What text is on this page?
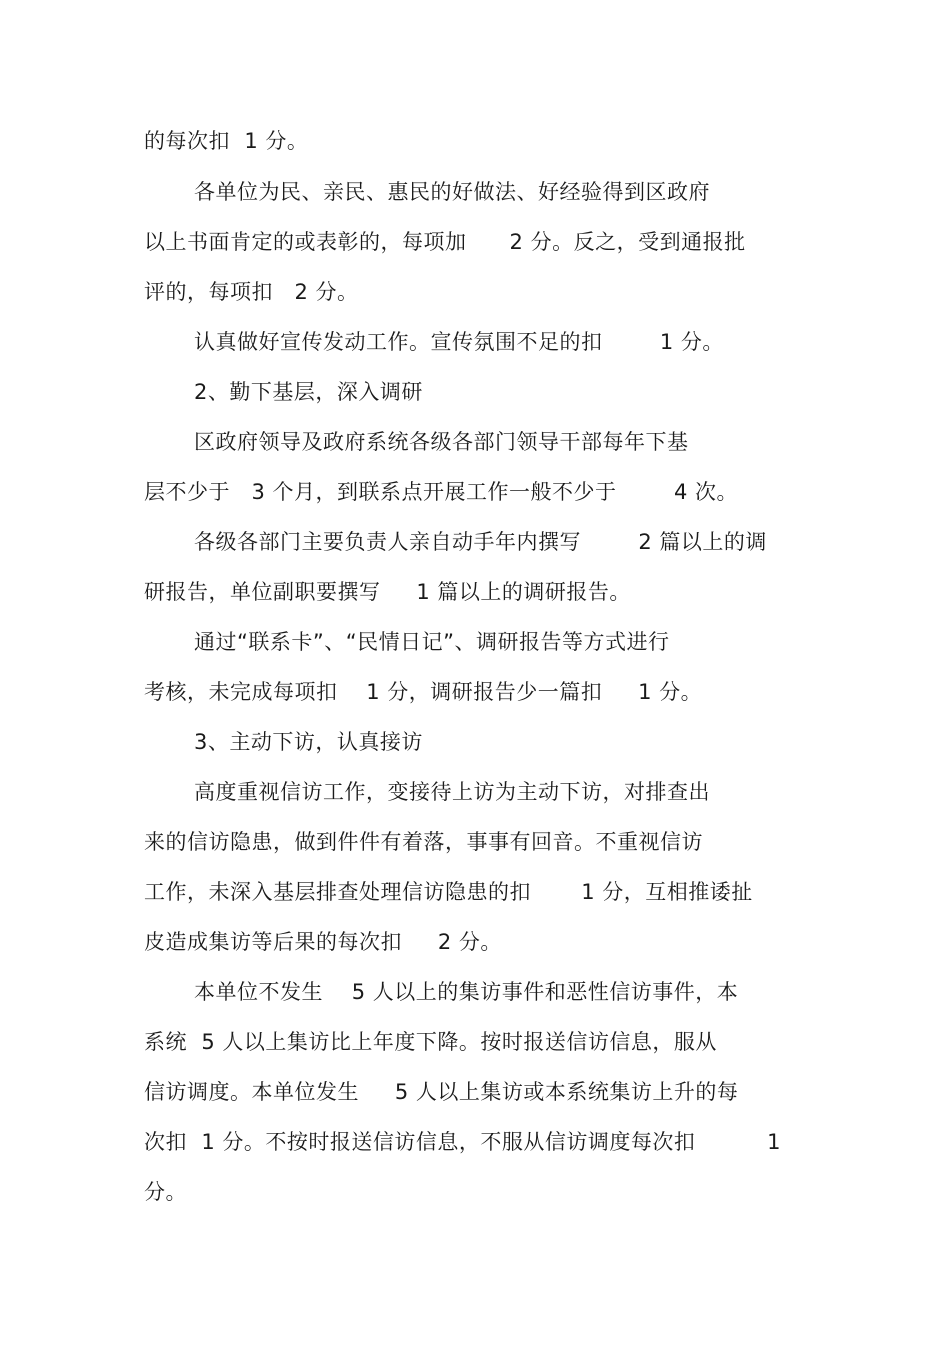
的每次扣  1 分。
各单位为民、亲民、惠民的好做法、好经验得到区政府
以上书面肯定的或表彰的，每项加      2 分。反之，受到通报批
评的，每项扣   2 分。
认真做好宣传发动工作。宣传氛围不足的扣        1 分。
2、勤下基层，深入调研
区政府领导及政府系统各级各部门领导干部每年下基
层不少于   3 个月，到联系点开展工作一般不少于        4 次。
各级各部门主要负责人亲自动手年内撰写        2 篇以上的调
研报告，单位副职要撰写     1 篇以上的调研报告。
通过“联系卡”、“民情日记”、调研报告等方式进行
考核，未完成每项扣    1 分，调研报告少一篇扣     1 分。
3、主动下访，认真接访
高度重视信访工作，变接待上访为主动下访，对排查出
来的信访隐患，做到件件有着落，事事有回音。不重视信访
工作，未深入基层排查处理信访隐患的扣       1 分，互相推诿扯
皮造成集访等后果的每次扣     2 分。
本单位不发生    5 人以上的集访事件和恶性信访事件，本
系统  5 人以上集访比上年度下降。按时报送信访信息，服从
信访调度。本单位发生     5 人以上集访或本系统集访上升的每
次扣  1 分。不按时报送信访信息，不服从信访调度每次扣          1
分。
